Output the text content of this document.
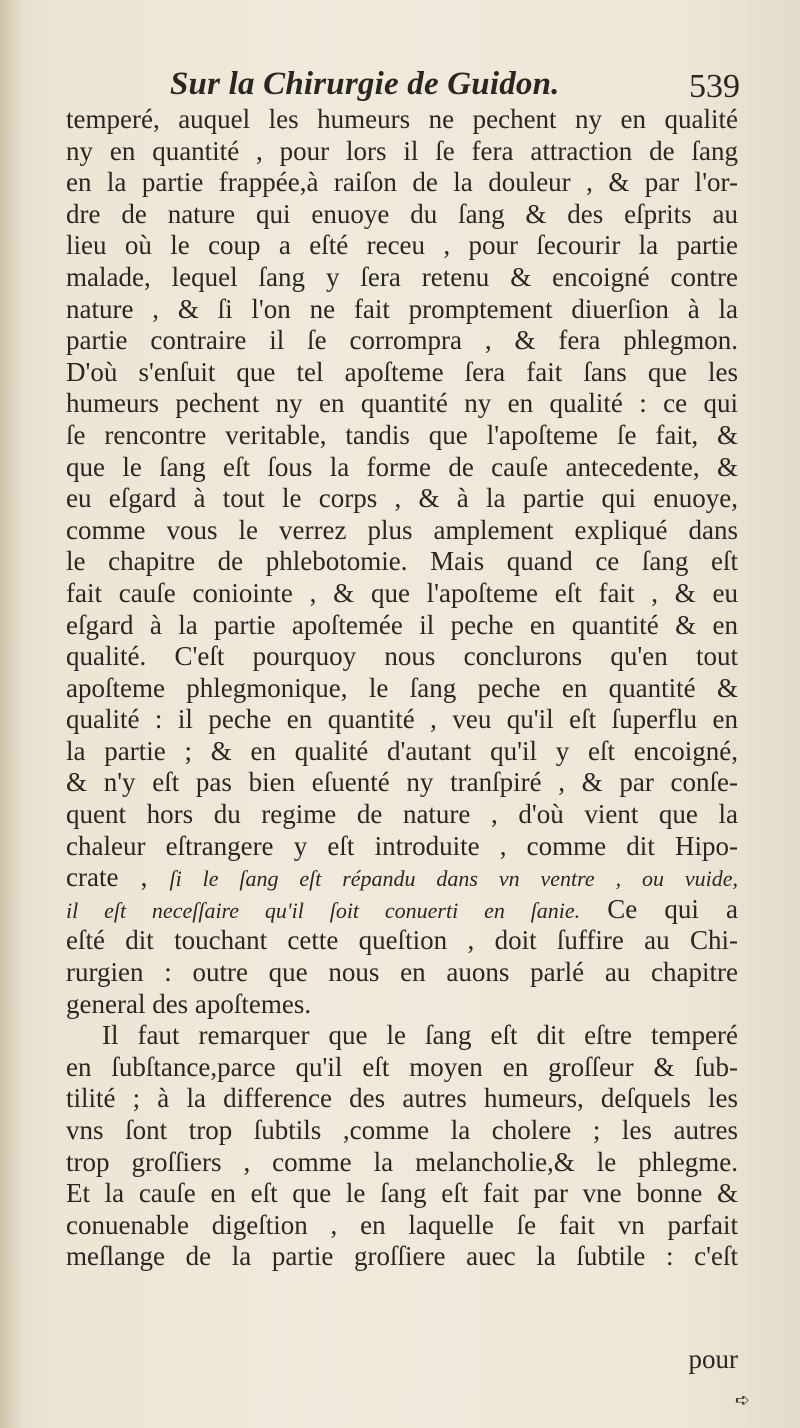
Sur la Chirurgie de Guidon.	539
temperé, auquel les humeurs ne pechent ny en qualité
ny en quantité , pour lors il ſe fera attraction de ſang
en la partie frappée,à raiſon de la douleur , & par l'or-
dre de nature qui enuoye du ſang & des eſprits au
lieu où le coup a eſté receu , pour ſecourir la partie
malade, lequel ſang y ſera retenu & encoigné contre
nature , & ſi l'on ne fait promptement diuerſion à la
partie contraire il ſe corrompra , & fera phlegmon.
D'où s'enſuit que tel apoſteme ſera fait ſans que les
humeurs pechent ny en quantité ny en qualité : ce qui
ſe rencontre veritable, tandis que l'apoſteme ſe fait, &
que le ſang eſt ſous la forme de cauſe antecedente, &
eu eſgard à tout le corps , & à la partie qui enuoye,
comme vous le verrez plus amplement expliqué dans
le chapitre de phlebotomie. Mais quand ce ſang eſt
fait cauſe coniointe , & que l'apoſteme eſt fait , & eu
eſgard à la partie apoſtemée il peche en quantité & en
qualité. C'eſt pourquoy nous conclurons qu'en tout
apoſteme phlegmonique, le ſang peche en quantité &
qualité : il peche en quantité , veu qu'il eſt ſuperflu en
la partie ; & en qualité d'autant qu'il y eſt encoigné,
& n'y eſt pas bien eſuenté ny tranſpiré , & par conſe-
quent hors du regime de nature , d'où vient que la
chaleur eſtrangere y eſt introduite , comme dit Hipo-
crate , ſi le ſang eſt répandu dans vn ventre , ou vuide,
il eſt neceſſaire qu'il ſoit conuerti en ſanie. Ce qui a
eſté dit touchant cette queſtion , doit ſuffire au Chi-
rurgien : outre que nous en auons parlé au chapitre
general des apoſtemes.
Il faut remarquer que le ſang eſt dit eſtre temperé
en ſubſtance,parce qu'il eſt moyen en groſſeur & ſub-
tilité ; à la difference des autres humeurs, deſquels les
vns ſont trop ſubtils ,comme la cholere ; les autres
trop groſſiers , comme la melancholie,& le phlegme.
Et la cauſe en eſt que le ſang eſt fait par vne bonne &
conuenable digeſtion , en laquelle ſe fait vn parfait
meſlange de la partie groſſiere auec la ſubtile : c'eſt
pour
➪
